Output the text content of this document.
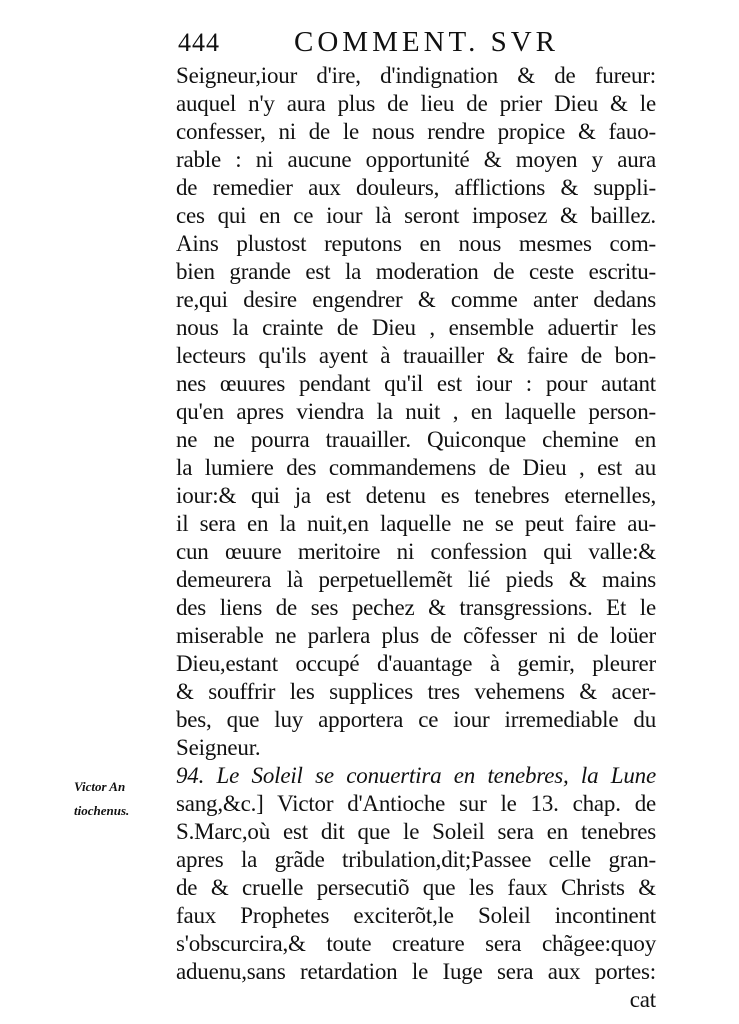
444	COMMENT. SVR
Victor An
tiochenus.
Seigneur,iour d'ire, d'indignation & de fureur:
auquel n'y aura plus de lieu de prier Dieu & le
confesser, ni de le nous rendre propice & fauo-
rable : ni aucune opportunité & moyen y aura
de remedier aux douleurs, afflictions & suppli-
ces qui en ce iour là seront imposez & baillez.
Ains plustost reputons en nous mesmes com-
bien grande est la moderation de ceste escritu-
re,qui desire engendrer & comme anter dedans
nous la crainte de Dieu , ensemble aduertir les
lecteurs qu'ils ayent à trauailler & faire de bon-
nes œuures pendant qu'il est iour : pour autant
qu'en apres viendra la nuit , en laquelle person-
ne ne pourra trauailler. Quiconque chemine en
la lumiere des commandemens de Dieu , est au
iour:& qui ja est detenu es tenebres eternelles,
il sera en la nuit,en laquelle ne se peut faire au-
cun œuure meritoire ni confession qui valle:&
demeurera là perpetuellemẽt lié pieds & mains
des liens de ses pechez & transgressions. Et le
miserable ne parlera plus de cõfesser ni de loüer
Dieu,estant occupé d'auantage à gemir, pleurer
& souffrir les supplices tres vehemens & acer-
bes, que luy apportera ce iour irremediable du
Seigneur.
94. Le Soleil se conuertira en tenebres, la Lune
sang,&c.] Victor d'Antioche sur le 13. chap. de
S.Marc,où est dit que le Soleil sera en tenebres
apres la grãde tribulation,dit;Passee celle gran-
de & cruelle persecutiõ que les faux Christs &
faux Prophetes exciterõt,le Soleil incontinent
s'obscurcira,& toute creature sera chãgee:quoy
aduenu,sans retardation le Iuge sera aux portes:
cat
